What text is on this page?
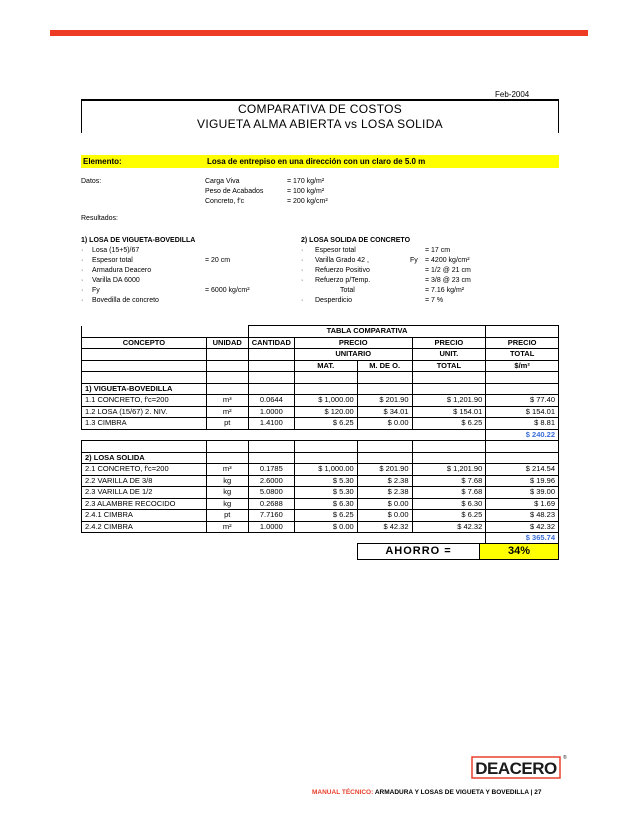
Feb-2004
COMPARATIVA DE COSTOS
VIGUETA ALMA ABIERTA vs LOSA SOLIDA
Elemento:	Losa de entrepiso en una dirección con un claro de 5.0 m
Datos:	Carga Viva	= 170 kg/m²
Peso de Acabados	= 100 kg/m²
Concreto, f'c	= 200 kg/cm²
Resultados:
1) LOSA DE VIGUETA-BOVEDILLA	2) LOSA SOLIDA DE CONCRETO
· Losa (15+5)/67
· Espesor total	= 20 cm
· Armadura Deacero
· Varilla DA 6000
· Fy	= 6000 kg/cm²
· Bovedilla de concreto
· Espesor total	= 17 cm
· Varilla Grado 42 ,	Fy = 4200 kg/cm²
· Refuerzo Positivo	= 1/2 @ 21 cm
· Refuerzo p/Temp.	= 3/8 @ 23 cm
Total	= 7.16 kg/m²
· Desperdicio	= 7 %
		TABLA COMPARATIVA				
CONCEPTO	UNIDAD	CANTIDAD	PRECIO		PRECIO	PRECIO
			UNITARIO		UNIT.	TOTAL
			MAT.	M. DE O.	TOTAL	$/m²

1) VIGUETA-BOVEDILLA						
1.1 CONCRETO, f'c=200	m³	0.0644	$ 1,000.00	$ 201.90	$ 1,201.90	$ 77.40
1.2 LOSA (15/67) 2. NIV.	m²	1.0000	$ 120.00	$ 34.01	$ 154.01	$ 154.01
1.3 CIMBRA	pt	1.4100	$ 6.25	$ 0.00	$ 6.25	$ 8.81
						$ 240.22

2) LOSA SOLIDA						
2.1 CONCRETO, f'c=200	m³	0.1785	$ 1,000.00	$ 201.90	$ 1,201.90	$ 214.54
2.2 VARILLA DE 3/8	kg	2.6000	$ 5.30	$ 2.38	$ 7.68	$ 19.96
2.3 VARILLA DE 1/2	kg	5.0800	$ 5.30	$ 2.38	$ 7.68	$ 39.00
2.3 ALAMBRE RECOCIDO	kg	0.2688	$ 6.30	$ 0.00	$ 6.30	$ 1.69
2.4.1 CIMBRA	pt	7.7160	$ 6.25	$ 0.00	$ 6.25	$ 48.23
2.4.2 CIMBRA	m²	1.0000	$ 0.00	$ 42.32	$ 42.32	$ 42.32
						$ 365.74
AHORRO =	34%
DEACERO
®
MANUAL TÉCNICO: ARMADURA Y LOSAS DE VIGUETA Y BOVEDILLA | 27
